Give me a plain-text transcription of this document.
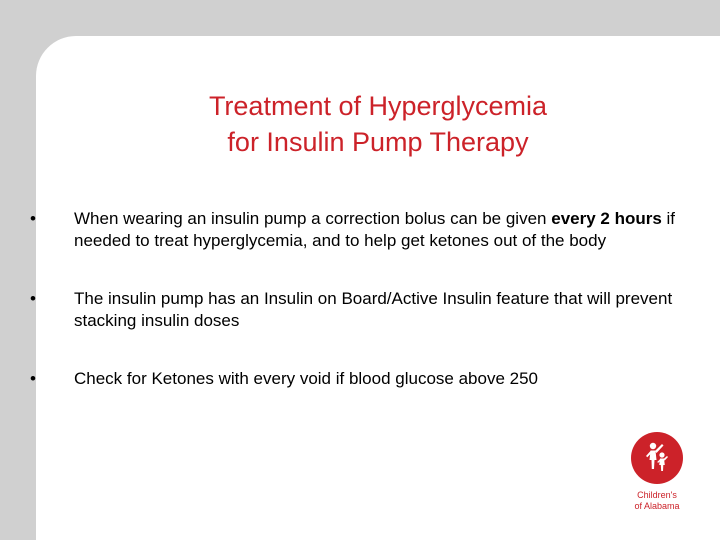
Treatment of Hyperglycemia
for Insulin Pump Therapy
•	When wearing an insulin pump a correction bolus can be given every 2 hours if needed to treat hyperglycemia, and to help get ketones out of the body
•	The insulin pump has an Insulin on Board/Active Insulin feature that will prevent stacking insulin doses
•	Check for Ketones with every void if blood glucose above 250
Children's
of Alabama
